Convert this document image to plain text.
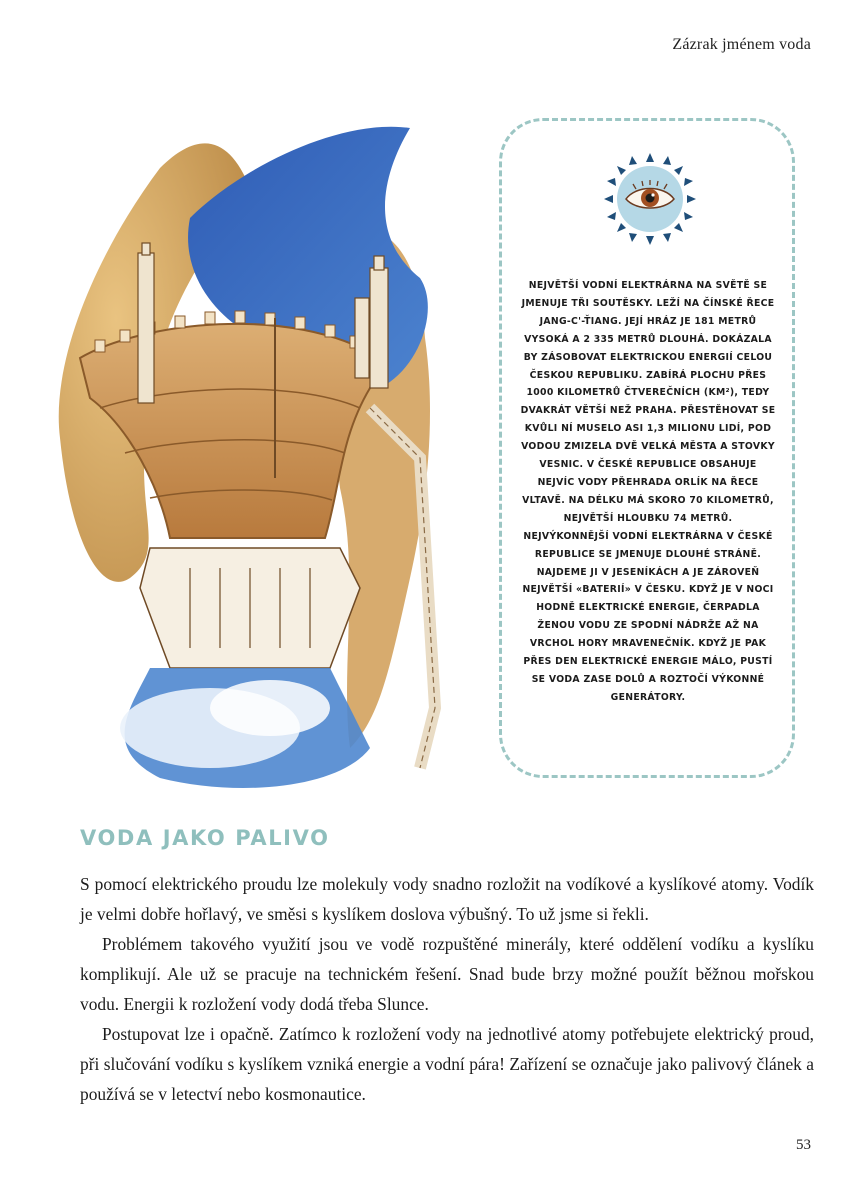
Zázrak jménem voda
NEJVĚTŠÍ VODNÍ ELEKTRÁRNA NA SVĚTĚ SE JMENUJE TŘI SOUTĚSKY. LEŽÍ NA ČÍNSKÉ ŘECE JANG-C'-ŤIANG. JEJÍ HRÁZ JE 181 METRŮ VYSOKÁ A 2 335 METRŮ DLOUHÁ. DOKÁZALA BY ZÁSOBOVAT ELEKTRICKOU ENERGIÍ CELOU ČESKOU REPUBLIKU. ZABÍRÁ PLOCHU PŘES 1000 KILOMETRŮ ČTVEREČNÍCH (KM²), TEDY DVAKRÁT VĚTŠÍ NEŽ PRAHA. PŘESTĚHOVAT SE KVŮLI NÍ MUSELO ASI 1,3 MILIONU LIDÍ, POD VODOU ZMIZELA DVĚ VELKÁ MĚSTA A STOVKY VESNIC. V ČESKÉ REPUBLICE OBSAHUJE NEJVÍC VODY PŘEHRADA ORLÍK NA ŘECE VLTAVĚ. NA DÉLKU MÁ SKORO 70 KILOMETRŮ, NEJVĚTŠÍ HLOUBKU 74 METRŮ. NEJVÝKONNĚJŠÍ VODNÍ ELEKTRÁRNA V ČESKÉ REPUBLICE SE JMENUJE DLOUHÉ STRÁNĚ. NAJDEME JI V JESENÍKÁCH A JE ZÁROVEŇ NEJVĚTŠÍ «BATERIÍ» V ČESKU. KDYŽ JE V NOCI HODNĚ ELEKTRICKÉ ENERGIE, ČERPADLA ŽENOU VODU ZE SPODNÍ NÁDRŽE AŽ NA VRCHOL HORY MRAVENEČNÍK. KDYŽ JE PAK PŘES DEN ELEKTRICKÉ ENERGIE MÁLO, PUSTÍ SE VODA ZASE DOLŮ A ROZTOČÍ VÝKONNÉ GENERÁTORY.
VODA JAKO PALIVO

S pomocí elektrického proudu lze molekuly vody snadno rozložit na vodíkové a kyslíkové atomy. Vodík je velmi dobře hořlavý, ve směsi s kyslíkem doslova výbušný. To už jsme si řekli.

Problémem takového využití jsou ve vodě rozpuštěné minerály, které oddělení vodíku a kyslíku komplikují. Ale už se pracuje na technickém řešení. Snad bude brzy možné použít běžnou mořskou vodu. Energii k rozložení vody dodá třeba Slunce.

Postupovat lze i opačně. Zatímco k rozložení vody na jednotlivé atomy potřebujete elektrický proud, při slučování vodíku s kyslíkem vzniká energie a vodní pára! Zařízení se označuje jako palivový článek a používá se v letectví nebo kosmonautice.

53
